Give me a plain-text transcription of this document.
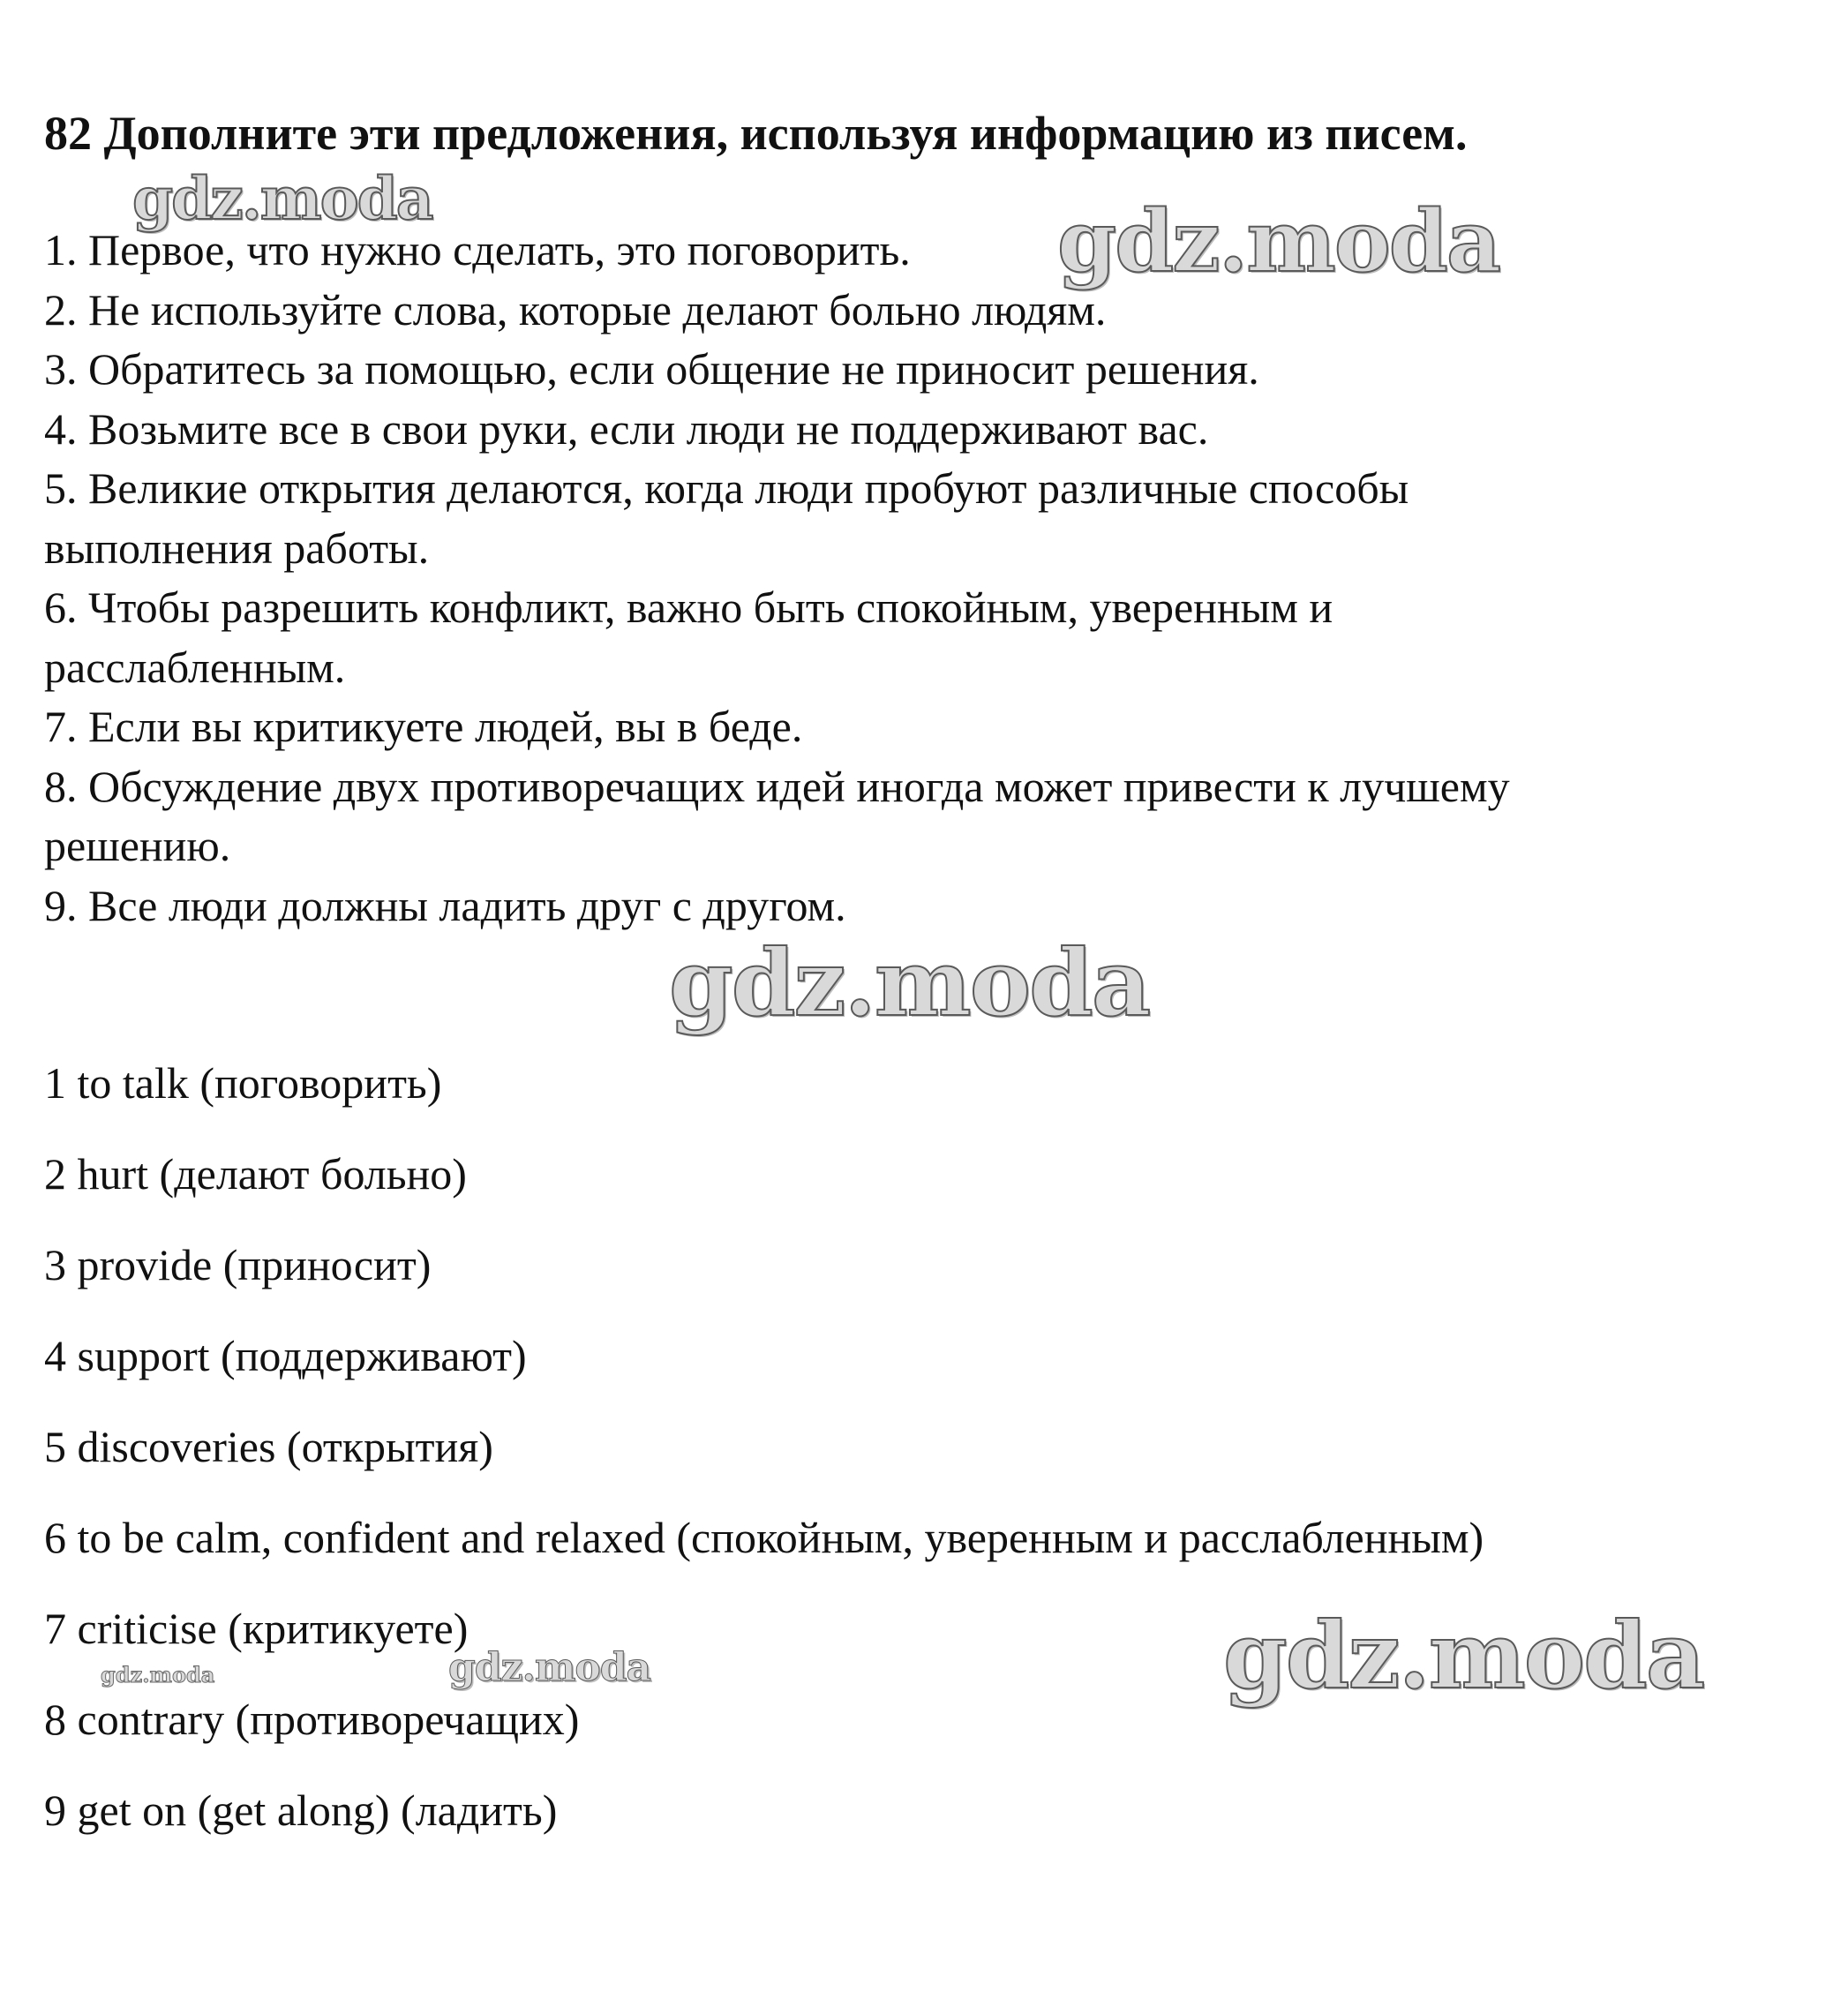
82 Дополните эти предложения, используя информацию из писем.
1. Первое, что нужно сделать, это поговорить.
2. Не используйте слова, которые делают больно людям.
3. Обратитесь за помощью, если общение не приносит решения.
4. Возьмите все в свои руки, если люди не поддерживают вас.
5. Великие открытия делаются, когда люди пробуют различные способы
выполнения работы.
6. Чтобы разрешить конфликт, важно быть спокойным, уверенным и
расслабленным.
7. Если вы критикуете людей, вы в беде.
8. Обсуждение двух противоречащих идей иногда может привести к лучшему
решению.
9. Все люди должны ладить друг с другом.
1 to talk (поговорить)
2 hurt (делают больно)
3 provide (приносит)
4 support (поддерживают)
5 discoveries (открытия)
6 to be calm, confident and relaxed (спокойным, уверенным и расслабленным)
7 criticise (критикуете)
8 contrary (противоречащих)
9 get on (get along) (ладить)
gdz.moda	gdz.moda
gdz.moda
gdz.moda
gdz.moda	gdz.moda
